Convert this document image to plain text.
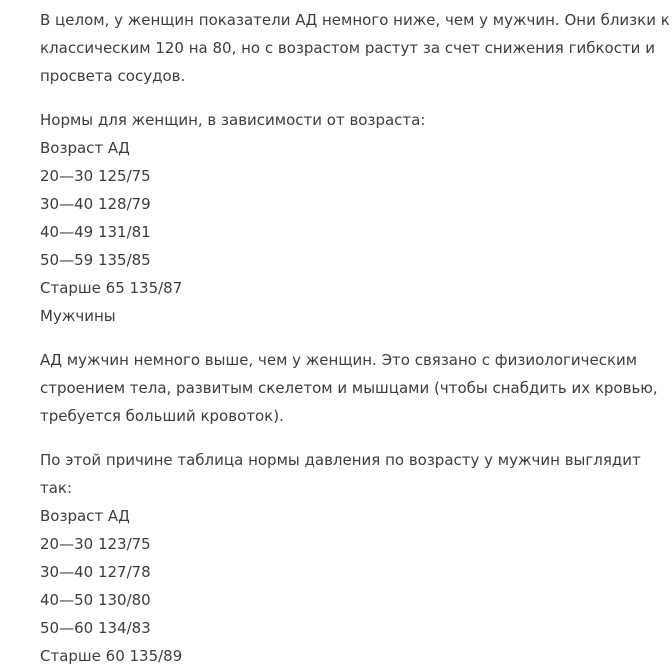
В целом, у женщин показатели АД немного ниже, чем у мужчин. Они близки к
классическим 120 на 80, но с возрастом растут за счет снижения гибкости и
просвета сосудов.

Нормы для женщин, в зависимости от возраста:

Возраст АД
20—30 125/75
30—40 128/79
40—49 131/81
50—59 135/85
Старше 65 135/87
Мужчины

АД мужчин немного выше, чем у женщин. Это связано с физиологическим
строением тела, развитым скелетом и мышцами (чтобы снабдить их кровью,
требуется больший кровоток).

По этой причине таблица нормы давления по возрасту у мужчин выглядит так:

Возраст АД
20—30 123/75
30—40 127/78
40—50 130/80
50—60 134/83
Старше 60 135/89
